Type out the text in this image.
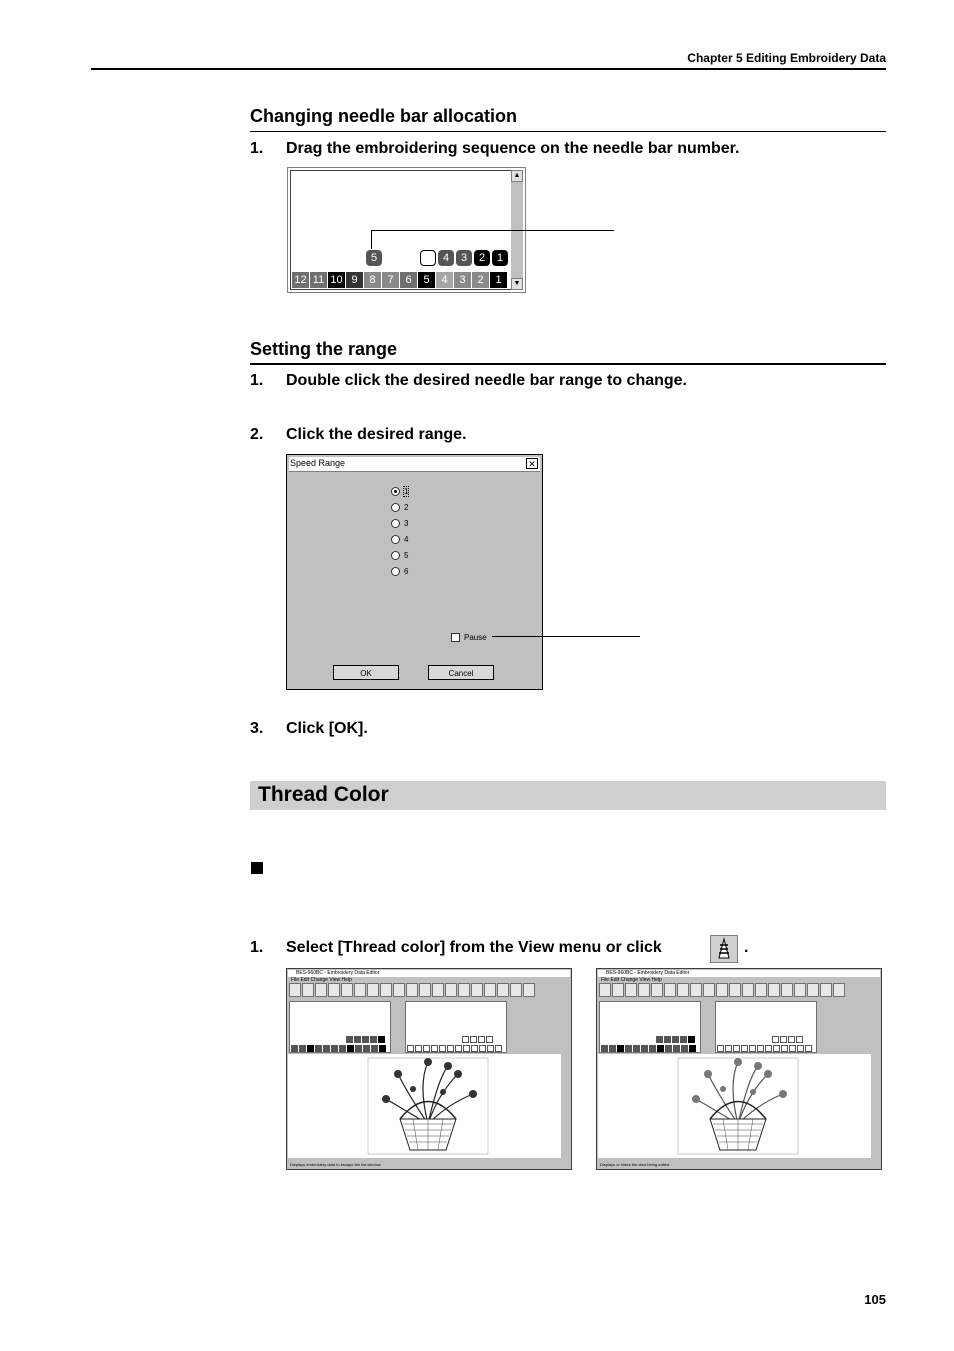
Chapter 5 Editing Embroidery Data
Changing needle bar allocation
1.	Drag the embroidering sequence on the needle bar number.
▲
▼
5	4	3	2	1
12 11 10 9	8	7	6	5	4	3	2	1
Setting the range
1.	Double click the desired needle bar range to change.
2.	Click the desired range.
Speed Range	✕
1
2
3
4
5
6
Pause
OK	Cancel
3.	Click [OK].
Thread Color
1.	Select [Thread color] from the View menu or click	.
BES-960BC - Embroidery Data Editor
File Edit Change View Help
Displays embroidery data to escape the list window
BES-960BC - Embroidery Data Editor
File Edit Change View Help
Displays or hides the view being edited
105
